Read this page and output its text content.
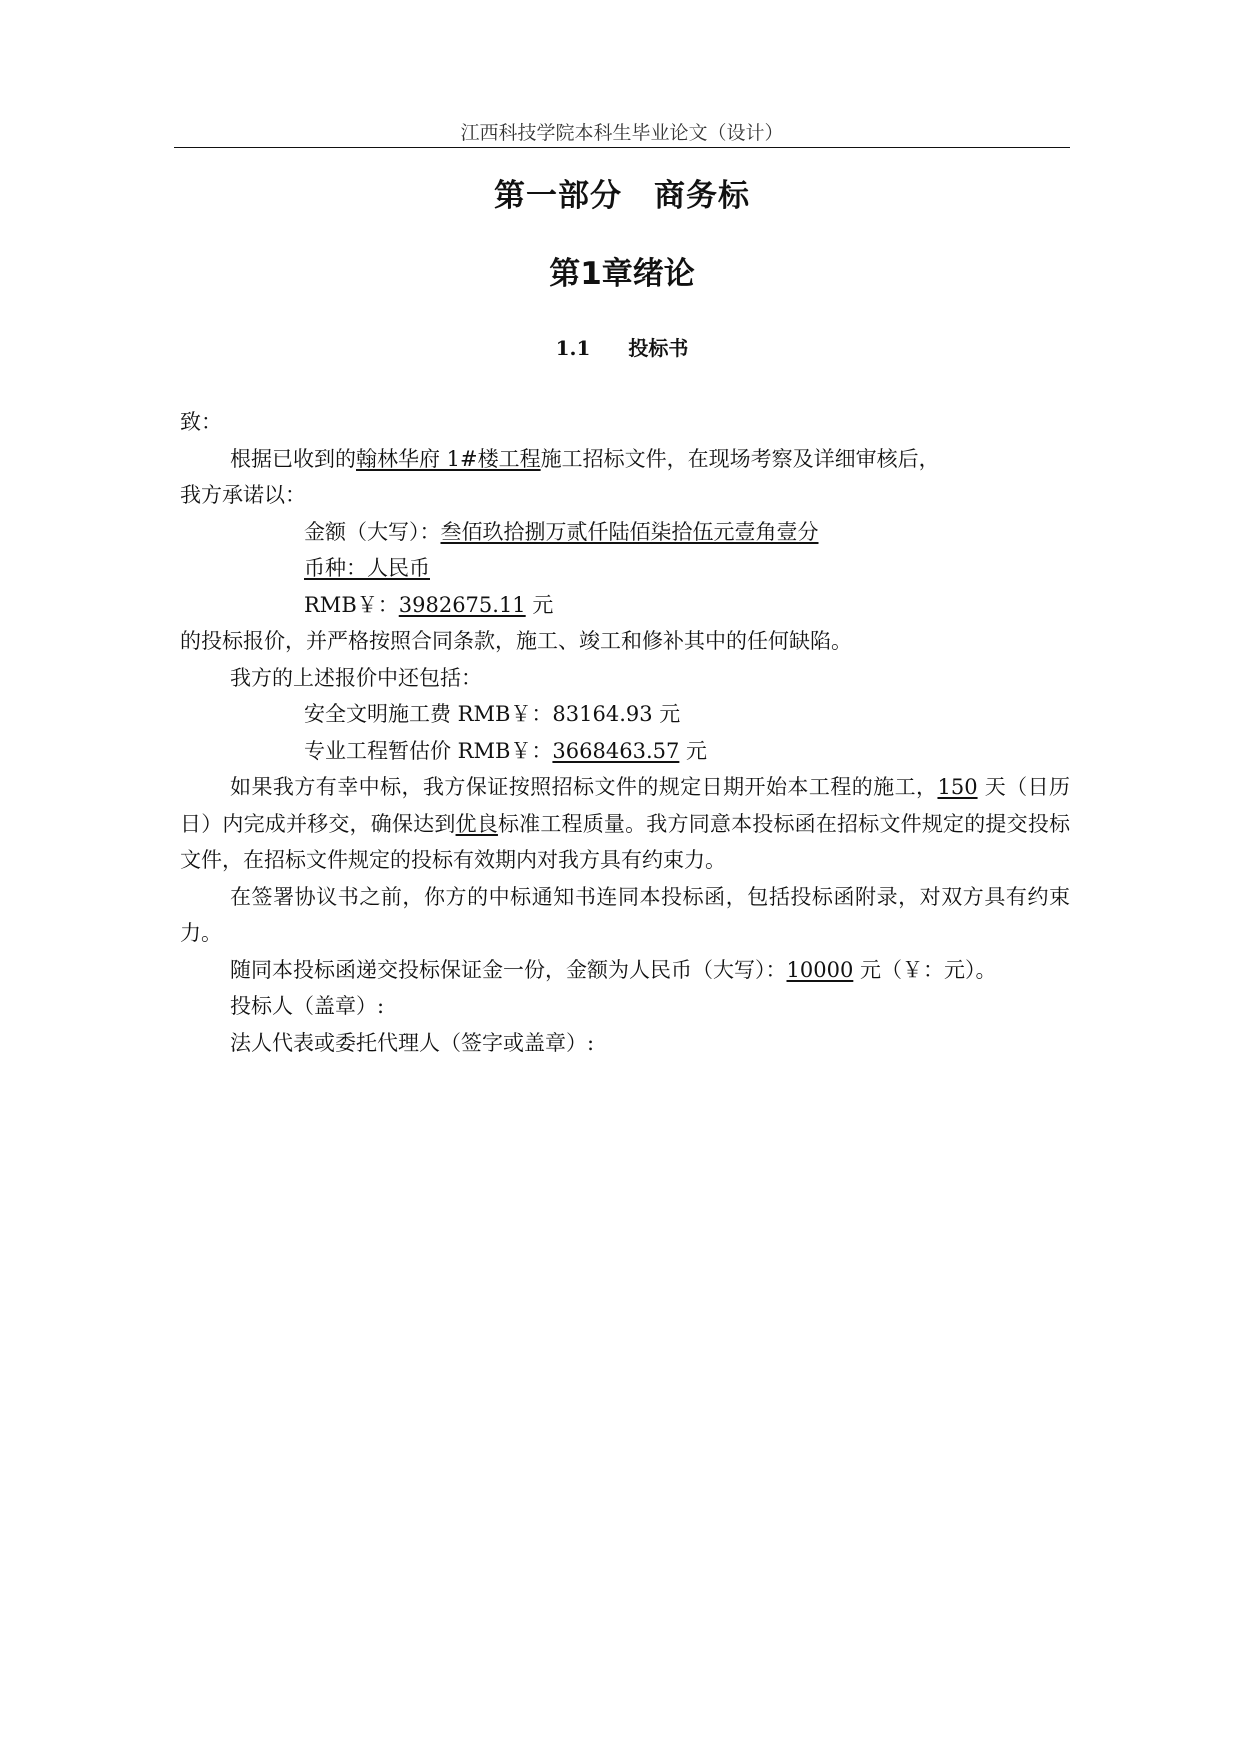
江西科技学院本科生毕业论文（设计）
第一部分　商务标
第1章绪论
1.1 投标书
致：
根据已收到的翰林华府 1#楼工程施工招标文件，在现场考察及详细审核后，
我方承诺以：
金额（大写）：叁佰玖拾捌万贰仟陆佰柒拾伍元壹角壹分
币种：人民币
RMB￥：3982675.11 元
的投标报价，并严格按照合同条款，施工、竣工和修补其中的任何缺陷。
我方的上述报价中还包括：
安全文明施工费 RMB￥：83164.93 元
专业工程暂估价 RMB￥：3668463.57 元
如果我方有幸中标，我方保证按照招标文件的规定日期开始本工程的施工，150 天（日历日）内完成并移交，确保达到优良标准工程质量。我方同意本投标函在招标文件规定的提交投标文件，在招标文件规定的投标有效期内对我方具有约束力。
在签署协议书之前，你方的中标通知书连同本投标函，包括投标函附录，对双方具有约束力。
随同本投标函递交投标保证金一份，金额为人民币（大写）：10000 元（￥：元）。
投标人（盖章）:
法人代表或委托代理人（签字或盖章）:
